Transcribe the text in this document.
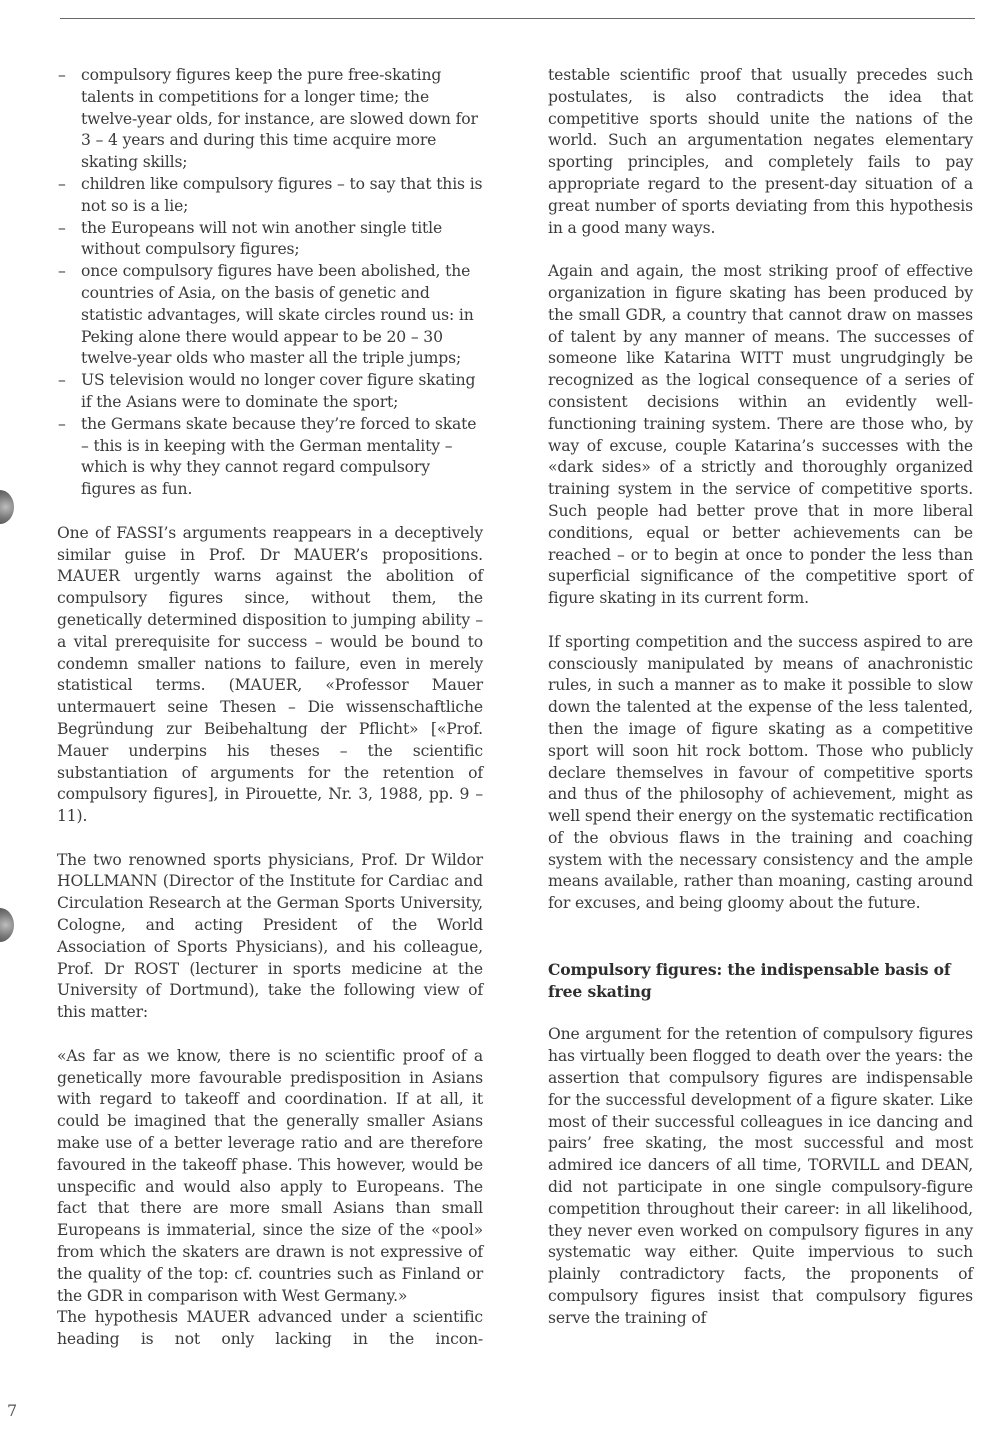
– compulsory figures keep the pure free-skating talents in competitions for a longer time; the twelve-year olds, for instance, are slowed down for 3 – 4 years and during this time acquire more skating skills;
– children like compulsory figures – to say that this is not so is a lie;
– the Europeans will not win another single title without compulsory figures;
– once compulsory figures have been abolished, the countries of Asia, on the basis of genetic and statistic advantages, will skate circles round us: in Peking alone there would appear to be 20 – 30 twelve-year olds who master all the triple jumps;
– US television would no longer cover figure skating if the Asians were to dominate the sport;
– the Germans skate because they’re forced to skate – this is in keeping with the German mentality – which is why they cannot regard compulsory figures as fun.

One of FASSI’s arguments reappears in a deceptively similar guise in Prof. Dr MAUER’s propositions. MAUER urgently warns against the abolition of compulsory figures since, without them, the genetically determined disposition to jumping ability – a vital prerequisite for success – would be bound to condemn smaller nations to failure, even in merely statistical terms. (MAUER, «Professor Mauer untermauert seine Thesen – Die wissenschaftliche Begründung zur Beibehaltung der Pflicht» [«Prof. Mauer underpins his theses – the scientific substantiation of arguments for the retention of compulsory figures], in Pirouette, Nr. 3, 1988, pp. 9 – 11).

The two renowned sports physicians, Prof. Dr Wildor HOLLMANN (Director of the Institute for Cardiac and Circulation Research at the German Sports University, Cologne, and acting President of the World Association of Sports Physicians), and his colleague, Prof. Dr ROST (lecturer in sports medicine at the University of Dortmund), take the following view of this matter:

«As far as we know, there is no scientific proof of a genetically more favourable predisposition in Asians with regard to takeoff and coordination. If at all, it could be imagined that the generally smaller Asians make use of a better leverage ratio and are therefore favoured in the takeoff phase. This however, would be unspecific and would also apply to Europeans. The fact that there are more small Asians than small Europeans is immaterial, since the size of the «pool» from which the skaters are drawn is not expressive of the quality of the top: cf. countries such as Finland or the GDR in comparison with West Germany.»

The hypothesis MAUER advanced under a scientific heading is not only lacking in the incon-

testable scientific proof that usually precedes such postulates, is also contradicts the idea that competitive sports should unite the nations of the world. Such an argumentation negates elementary sporting principles, and completely fails to pay appropriate regard to the present-day situation of a great number of sports deviating from this hypothesis in a good many ways.

Again and again, the most striking proof of effective organization in figure skating has been produced by the small GDR, a country that cannot draw on masses of talent by any manner of means. The successes of someone like Katarina WITT must ungrudgingly be recognized as the logical consequence of a series of consistent decisions within an evidently well-functioning training system. There are those who, by way of excuse, couple Katarina’s successes with the «dark sides» of a strictly and thoroughly organized training system in the service of competitive sports. Such people had better prove that in more liberal conditions, equal or better achievements can be reached – or to begin at once to ponder the less than superficial significance of the competitive sport of figure skating in its current form.

If sporting competition and the success aspired to are consciously manipulated by means of anachronistic rules, in such a manner as to make it possible to slow down the talented at the expense of the less talented, then the image of figure skating as a competitive sport will soon hit rock bottom. Those who publicly declare themselves in favour of competitive sports and thus of the philosophy of achievement, might as well spend their energy on the systematic rectification of the obvious flaws in the training and coaching system with the necessary consistency and the ample means available, rather than moaning, casting around for excuses, and being gloomy about the future.

Compulsory figures: the indispensable basis of free skating

One argument for the retention of compulsory figures has virtually been flogged to death over the years: the assertion that compulsory figures are indispensable for the successful development of a figure skater. Like most of their successful colleagues in ice dancing and pairs’ free skating, the most successful and most admired ice dancers of all time, TORVILL and DEAN, did not participate in one single compulsory-figure competition throughout their career: in all likelihood, they never even worked on compulsory figures in any systematic way either. Quite impervious to such plainly contradictory facts, the proponents of compulsory figures insist that compulsory figures serve the training of

7
